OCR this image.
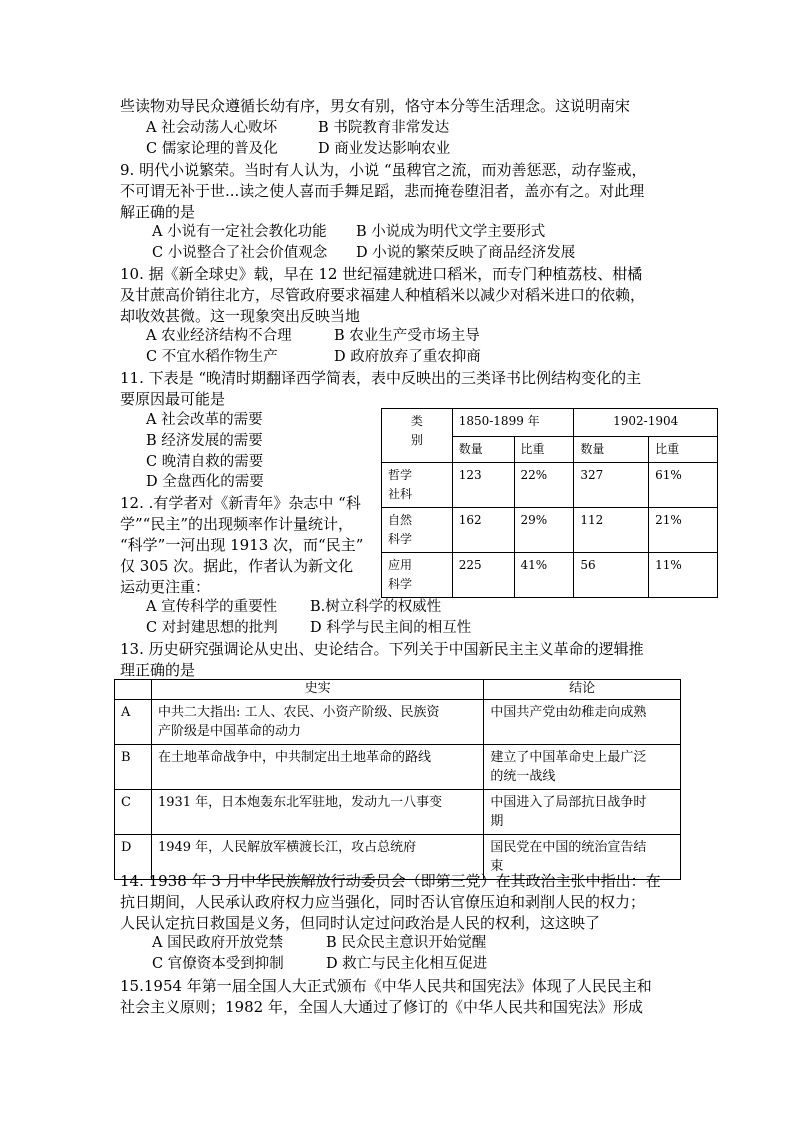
些读物劝导民众遵循长幼有序，男女有别，恪守本分等生活理念。这说明南宋
A 社会动荡人心败坏	B 书院教育非常发达
C 儒家论理的普及化	D 商业发达影响农业
9. 明代小说繁荣。当时有人认为，小说 “虽稗官之流，而劝善惩恶，动存鉴戒，
不可谓无补于世...读之使人喜而手舞足蹈，悲而掩卷堕泪者，盖亦有之。对此理
解正确的是
A 小说有一定社会教化功能 B 小说成为明代文学主要形式
C 小说整合了社会价值观念 D 小说的繁荣反映了商品经济发展
10. 据《新全球史》载，早在 12 世纪福建就进口稻米，而专门种植荔枝、柑橘
及甘蔗高价销往北方，尽管政府要求福建人种植稻米以减少对稻米进口的依赖，
却收效甚微。这一现象突出反映当地
A 农业经济结构不合理	B 农业生产受市场主导
C 不宜水稻作物生产	D 政府放弃了重农抑商
11. 下表是 “晚清时期翻译西学简表，表中反映出的三类译书比例结构变化的主
要原因最可能是
A 社会改革的需要
B 经济发展的需要
C 晚清自救的需要
D 全盘西化的需要
类
别	1850-1899 年		1902-1904	
	数量	比重	数量	比重

哲学
社科	123	22%	327	61%

自然
科学	162	29%	112	21%

应用
科学	225	41%	56	11%
12. .有学者对《新青年》杂志中 “科
学”“民主”的出现频率作计量统计，
“科学”一河出现 1913 次，而“民主”
仅 305 次。据此，作者认为新文化
运动更注重：
A 宣传科学的重要性 B.树立科学的权威性
C 对封建思想的批判 D 科学与民主间的相互性
13. 历史研究强调论从史出、史论结合。下列关于中国新民主主义革命的逻辑推
理正确的是
	史实	结论
A	中共二大指出: 工人、农民、小资产阶级、民族资
产阶级是中国革命的动力	中国共产党由幼稚走向成熟

B	在土地革命战争中，中共制定出土地革命的路线	建立了中国革命史上最广泛
的统一战线

C	1931 年，日本炮轰东北军驻地，发动九一八事变	中国进入了局部抗日战争时
期

D	1949 年，人民解放军横渡长江，攻占总统府	国民党在中国的统治宣告结
束
14. 1938 年 3 月中华民族解放行动委员会（即第三党）在其政治主张中指出：在
抗日期间，人民承认政府权力应当强化，同时否认官僚压迫和剥削人民的权力；
人民认定抗日救国是义务，但同时认定过问政治是人民的权利，这这映了
A 国民政府开放党禁	B 民众民主意识开始觉醒
C 官僚资本受到抑制	D 救亡与民主化相互促进
15.1954 年第一届全国人大正式颁布《中华人民共和国宪法》体现了人民民主和
社会主义原则；1982 年，全国人大通过了修订的《中华人民共和国宪法》形成
